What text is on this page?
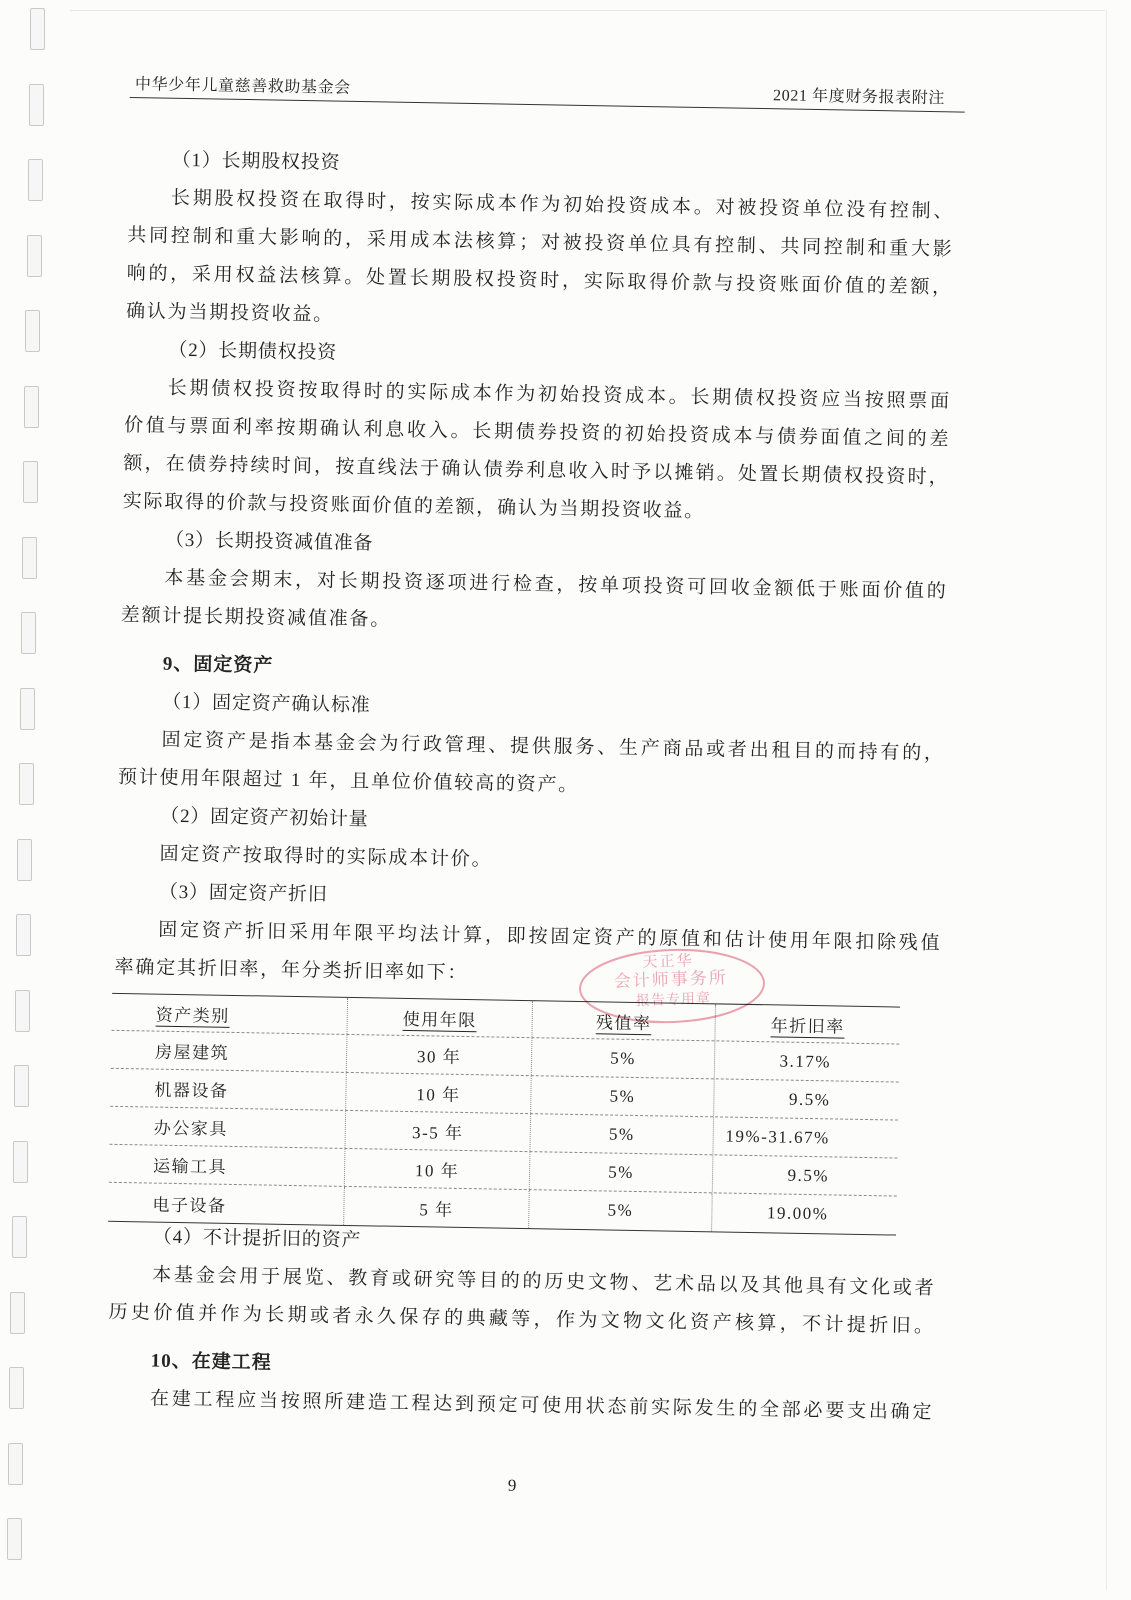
中华少年儿童慈善救助基金会
2021 年度财务报表附注
（1）长期股权投资
长期股权投资在取得时，按实际成本作为初始投资成本。对被投资单位没有控制、
共同控制和重大影响的，采用成本法核算；对被投资单位具有控制、共同控制和重大影
响的，采用权益法核算。处置长期股权投资时，实际取得价款与投资账面价值的差额，
确认为当期投资收益。
（2）长期债权投资
长期债权投资按取得时的实际成本作为初始投资成本。长期债权投资应当按照票面
价值与票面利率按期确认利息收入。长期债券投资的初始投资成本与债券面值之间的差
额，在债券持续时间，按直线法于确认债券利息收入时予以摊销。处置长期债权投资时，
实际取得的价款与投资账面价值的差额，确认为当期投资收益。
（3）长期投资减值准备
本基金会期末，对长期投资逐项进行检查，按单项投资可回收金额低于账面价值的
差额计提长期投资减值准备。
9、固定资产
（1）固定资产确认标准
固定资产是指本基金会为行政管理、提供服务、生产商品或者出租目的而持有的，
预计使用年限超过 1 年，且单位价值较高的资产。
（2）固定资产初始计量
固定资产按取得时的实际成本计价。
（3）固定资产折旧
固定资产折旧采用年限平均法计算，即按固定资产的原值和估计使用年限扣除残值
率确定其折旧率，年分类折旧率如下：
资产类别	使用年限	残值率	年折旧率
房屋建筑	30 年	5%	3.17%
机器设备	10 年	5%	9.5%
办公家具	3-5 年	5%	19%-31.67%
运输工具	10 年	5%	9.5%
电子设备	5 年	5%	19.00%
（4）不计提折旧的资产
本基金会用于展览、教育或研究等目的的历史文物、艺术品以及其他具有文化或者
历史价值并作为长期或者永久保存的典藏等，作为文物文化资产核算，不计提折旧。
10、在建工程
在建工程应当按照所建造工程达到预定可使用状态前实际发生的全部必要支出确定
9
天正华
会计师事务所
报告专用章
